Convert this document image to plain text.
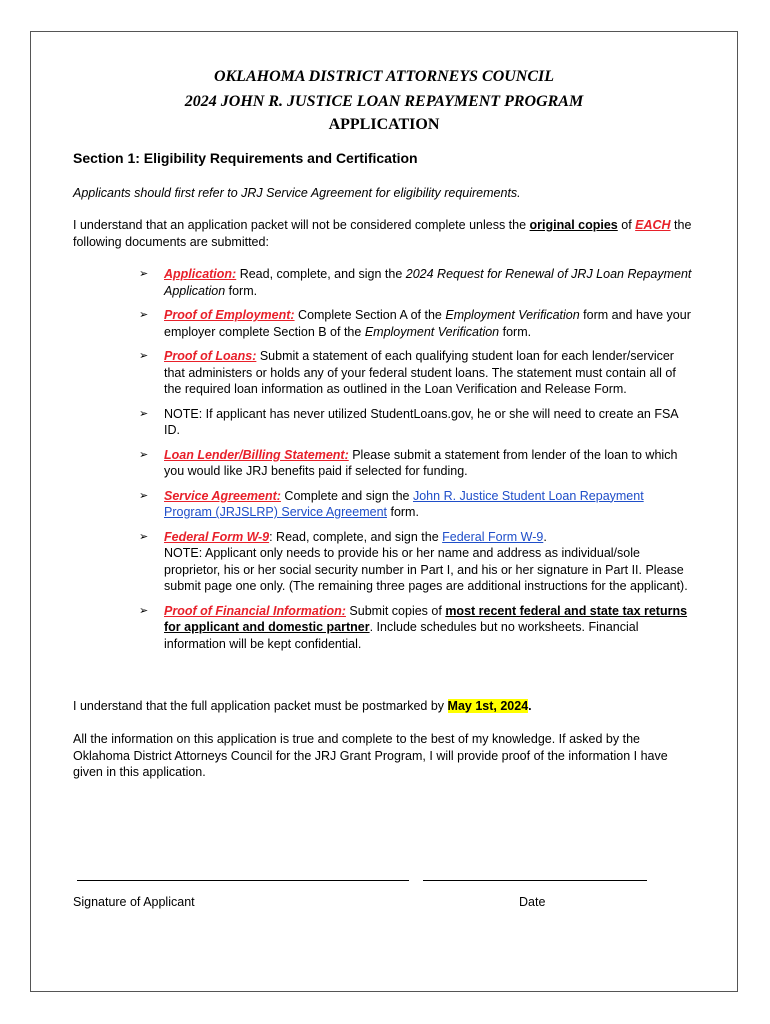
OKLAHOMA DISTRICT ATTORNEYS COUNCIL
2024 JOHN R. JUSTICE LOAN REPAYMENT PROGRAM
APPLICATION
Section 1: Eligibility Requirements and Certification
Applicants should first refer to JRJ Service Agreement for eligibility requirements.
I understand that an application packet will not be considered complete unless the original copies of EACH the following documents are submitted:
➢ Application: Read, complete, and sign the 2024 Request for Renewal of JRJ Loan Repayment Application form.
➢ Proof of Employment: Complete Section A of the Employment Verification form and have your employer complete Section B of the Employment Verification form.
➢ Proof of Loans: Submit a statement of each qualifying student loan for each lender/servicer that administers or holds any of your federal student loans. The statement must contain all of the required loan information as outlined in the Loan Verification and Release Form.
➢ NOTE: If applicant has never utilized StudentLoans.gov, he or she will need to create an FSA ID.
➢ Loan Lender/Billing Statement: Please submit a statement from lender of the loan to which you would like JRJ benefits paid if selected for funding.
➢ Service Agreement: Complete and sign the John R. Justice Student Loan Repayment Program (JRJSLRP) Service Agreement form.
➢ Federal Form W-9: Read, complete, and sign the Federal Form W-9.
NOTE: Applicant only needs to provide his or her name and address as individual/sole proprietor, his or her social security number in Part I, and his or her signature in Part II. Please submit page one only. (The remaining three pages are additional instructions for the applicant).
➢ Proof of Financial Information: Submit copies of most recent federal and state tax returns for applicant and domestic partner. Include schedules but no worksheets. Financial information will be kept confidential.
I understand that the full application packet must be postmarked by May 1st, 2024.
All the information on this application is true and complete to the best of my knowledge. If asked by the Oklahoma District Attorneys Council for the JRJ Grant Program, I will provide proof of the information I have given in this application.
Signature of Applicant	Date
